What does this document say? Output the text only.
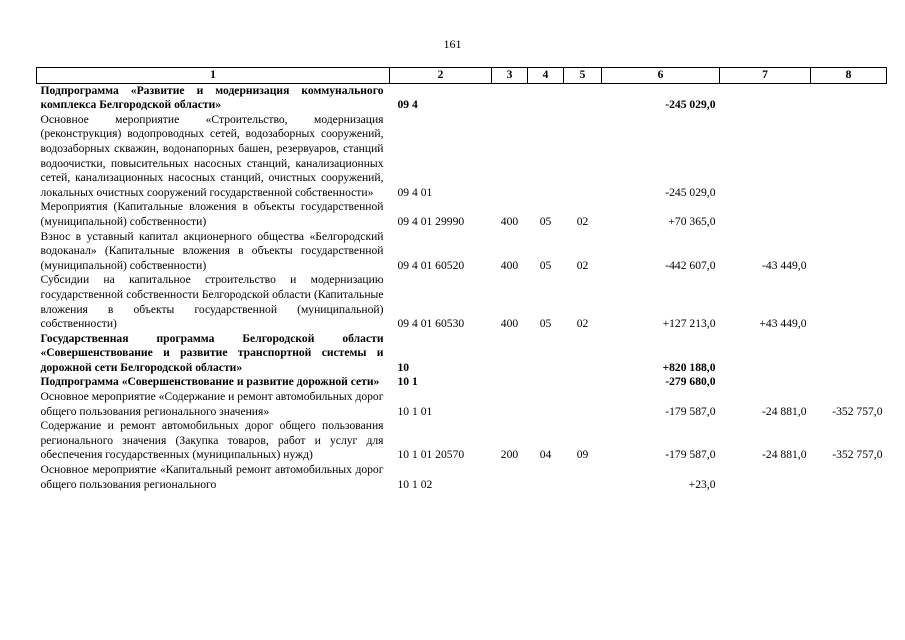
161
1	2	3	4	5	6	7	8
Подпрограмма «Развитие и модернизация коммунального комплекса Белгородской области»	09 4				-245 029,0		
Основное мероприятие «Строительство, модернизация (реконструкция) водопроводных сетей, водозаборных сооружений, водозаборных скважин, водонапорных башен, резервуаров, станций водоочистки, повысительных насосных станций, канализационных сетей, канализационных насосных станций, очистных сооружений, локальных очистных сооружений государственной собственности»	09 4 01				-245 029,0		
Мероприятия (Капитальные вложения в объекты государственной (муниципальной) собственности)	09 4 01 29990	400	05	02	+70 365,0		
Взнос в уставный капитал акционерного общества «Белгородский водоканал» (Капитальные вложения в объекты государственной (муниципальной) собственности)	09 4 01 60520	400	05	02	-442 607,0	-43 449,0	
Субсидии на капитальное строительство и модернизацию государственной собственности Белгородской области (Капитальные вложения в объекты государственной (муниципальной) собственности)	09 4 01 60530	400	05	02	+127 213,0	+43 449,0	
Государственная программа Белгородской области «Совершенствование и развитие транспортной системы и дорожной сети Белгородской области»	10				+820 188,0		
Подпрограмма «Совершенствование и развитие дорожной сети»	10 1				-279 680,0		
Основное мероприятие «Содержание и ремонт автомобильных дорог общего пользования регионального значения»	10 1 01				-179 587,0	-24 881,0	-352 757,0
Содержание и ремонт автомобильных дорог общего пользования регионального значения (Закупка товаров, работ и услуг для обеспечения государственных (муниципальных) нужд)	10 1 01 20570	200	04	09	-179 587,0	-24 881,0	-352 757,0
Основное мероприятие «Капитальный ремонт автомобильных дорог общего пользования регионального	10 1 02				+23,0		
